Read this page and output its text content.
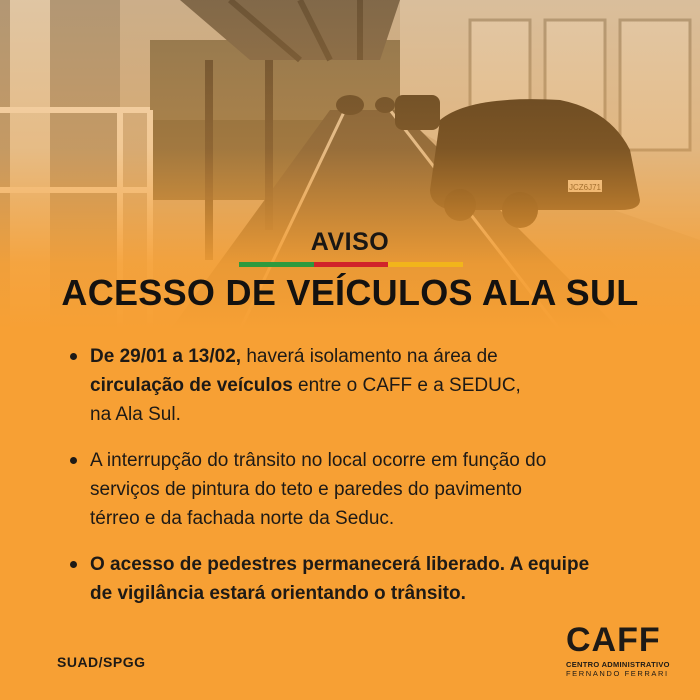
AVISO
ACESSO DE VEÍCULOS ALA SUL
De 29/01 a 13/02, haverá isolamento na área de
circulação de veículos entre o CAFF e a SEDUC,
na Ala Sul.
A interrupção do trânsito no local ocorre em função do
serviços de pintura do teto e paredes do pavimento
térreo e da fachada norte da Seduc.
O acesso de pedestres permanecerá liberado. A equipe
de vigilância estará orientando o trânsito.
SUAD/SPGG
CAFF
CENTRO ADMINISTRATIVO
FERNANDO FERRARI
